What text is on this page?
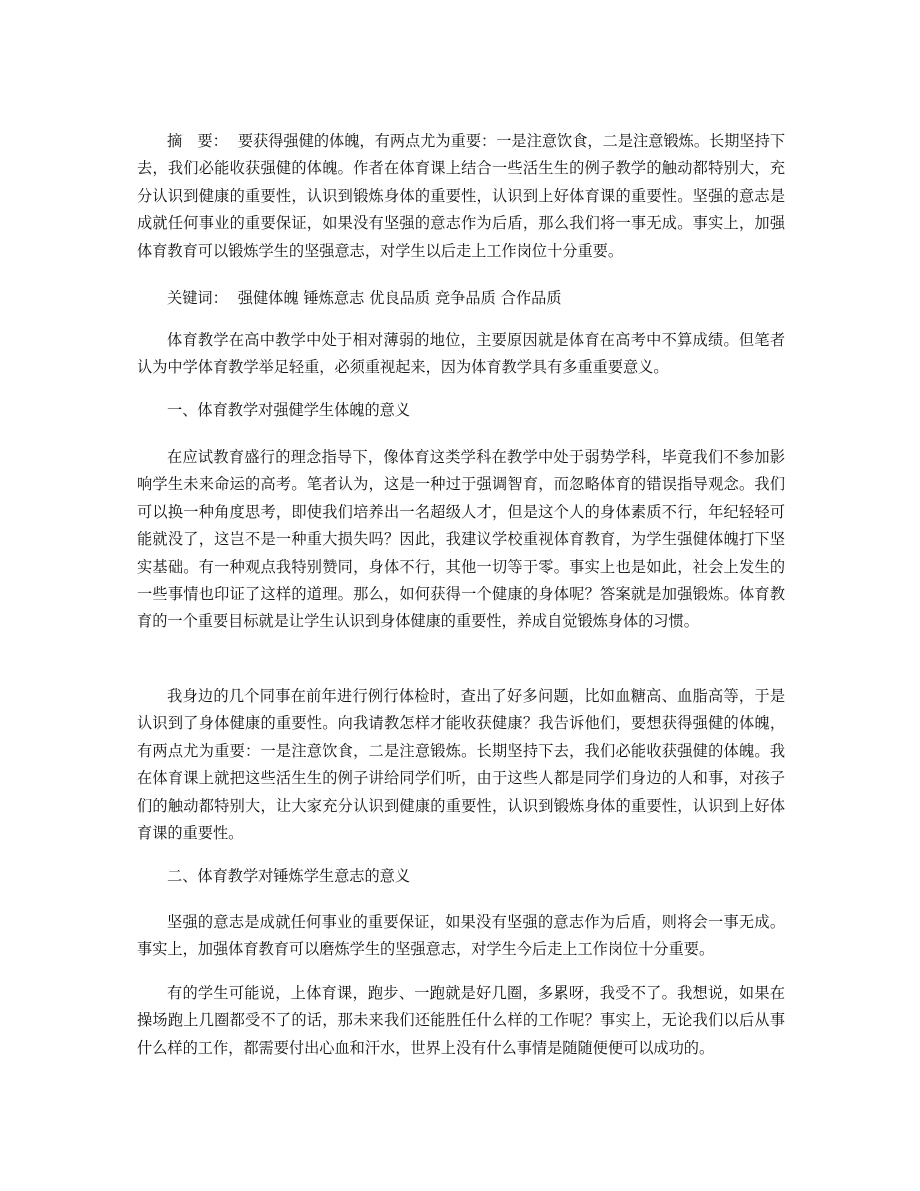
摘　要： 要获得强健的体魄，有两点尤为重要：一是注意饮食，二是注意锻炼。长期坚持下去，我们必能收获强健的体魄。作者在体育课上结合一些活生生的例子教学的触动都特别大，充分认识到健康的重要性，认识到锻炼身体的重要性，认识到上好体育课的重要性。坚强的意志是成就任何事业的重要保证，如果没有坚强的意志作为后盾，那么我们将一事无成。事实上，加强体育教育可以锻炼学生的坚强意志，对学生以后走上工作岗位十分重要。

关键词： 强健体魄 锤炼意志 优良品质 竞争品质 合作品质

体育教学在高中教学中处于相对薄弱的地位，主要原因就是体育在高考中不算成绩。但笔者认为中学体育教学举足轻重，必须重视起来，因为体育教学具有多重重要意义。

一、体育教学对强健学生体魄的意义

在应试教育盛行的理念指导下，像体育这类学科在教学中处于弱势学科，毕竟我们不参加影响学生未来命运的高考。笔者认为，这是一种过于强调智育，而忽略体育的错误指导观念。我们可以换一种角度思考，即使我们培养出一名超级人才，但是这个人的身体素质不行，年纪轻轻可能就没了，这岂不是一种重大损失吗？因此，我建议学校重视体育教育，为学生强健体魄打下坚实基础。有一种观点我特别赞同，身体不行，其他一切等于零。事实上也是如此，社会上发生的一些事情也印证了这样的道理。那么，如何获得一个健康的身体呢？答案就是加强锻炼。体育教育的一个重要目标就是让学生认识到身体健康的重要性，养成自觉锻炼身体的习惯。

我身边的几个同事在前年进行例行体检时，查出了好多问题，比如血糖高、血脂高等，于是认识到了身体健康的重要性。向我请教怎样才能收获健康？我告诉他们，要想获得强健的体魄，有两点尤为重要：一是注意饮食，二是注意锻炼。长期坚持下去，我们必能收获强健的体魄。我在体育课上就把这些活生生的例子讲给同学们听，由于这些人都是同学们身边的人和事，对孩子们的触动都特别大，让大家充分认识到健康的重要性，认识到锻炼身体的重要性，认识到上好体育课的重要性。

二、体育教学对锤炼学生意志的意义

坚强的意志是成就任何事业的重要保证，如果没有坚强的意志作为后盾，则将会一事无成。事实上，加强体育教育可以磨炼学生的坚强意志，对学生今后走上工作岗位十分重要。

有的学生可能说，上体育课，跑步、一跑就是好几圈，多累呀，我受不了。我想说，如果在操场跑上几圈都受不了的话，那未来我们还能胜任什么样的工作呢？事实上，无论我们以后从事什么样的工作，都需要付出心血和汗水，世界上没有什么事情是随随便便可以成功的。
